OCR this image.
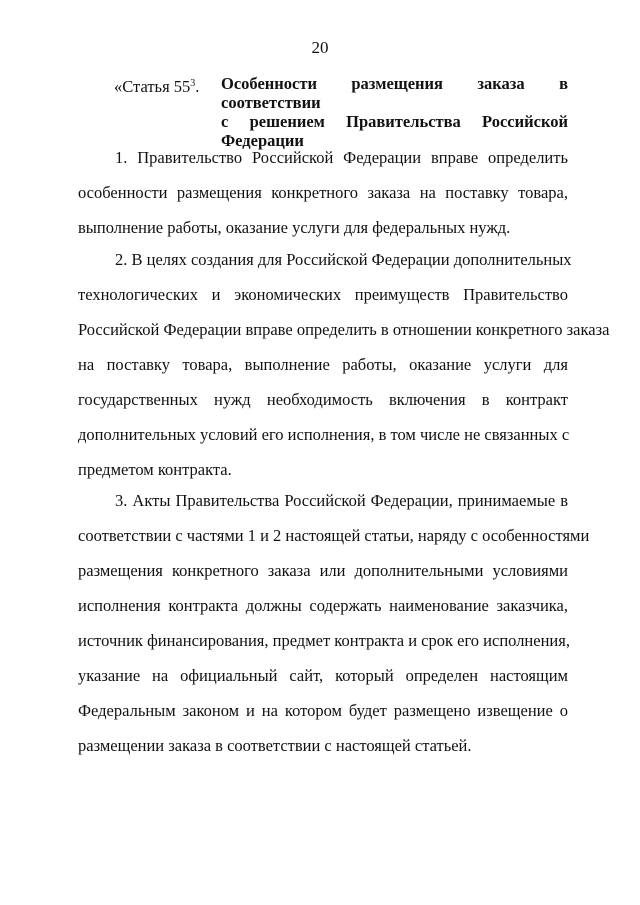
20
«Статья $55^3$. Особенности размещения заказа в соответствии
с решением Правительства Российской
Федерации
1. Правительство Российской Федерации вправе определить
особенности размещения конкретного заказа на поставку товара,
выполнение работы, оказание услуги для федеральных нужд.
2. В целях создания для Российской Федерации дополнительных
технологических и экономических преимуществ Правительство
Российской Федерации вправе определить в отношении конкретного заказа
на поставку товара, выполнение работы, оказание услуги для
государственных нужд необходимость включения в контракт
дополнительных условий его исполнения, в том числе не связанных с
предметом контракта.
3. Акты Правительства Российской Федерации, принимаемые в
соответствии с частями 1 и 2 настоящей статьи, наряду с особенностями
размещения конкретного заказа или дополнительными условиями
исполнения контракта должны содержать наименование заказчика,
источник финансирования, предмет контракта и срок его исполнения,
указание на официальный сайт, который определен настоящим
Федеральным законом и на котором будет размещено извещение о
размещении заказа в соответствии с настоящей статьей.
